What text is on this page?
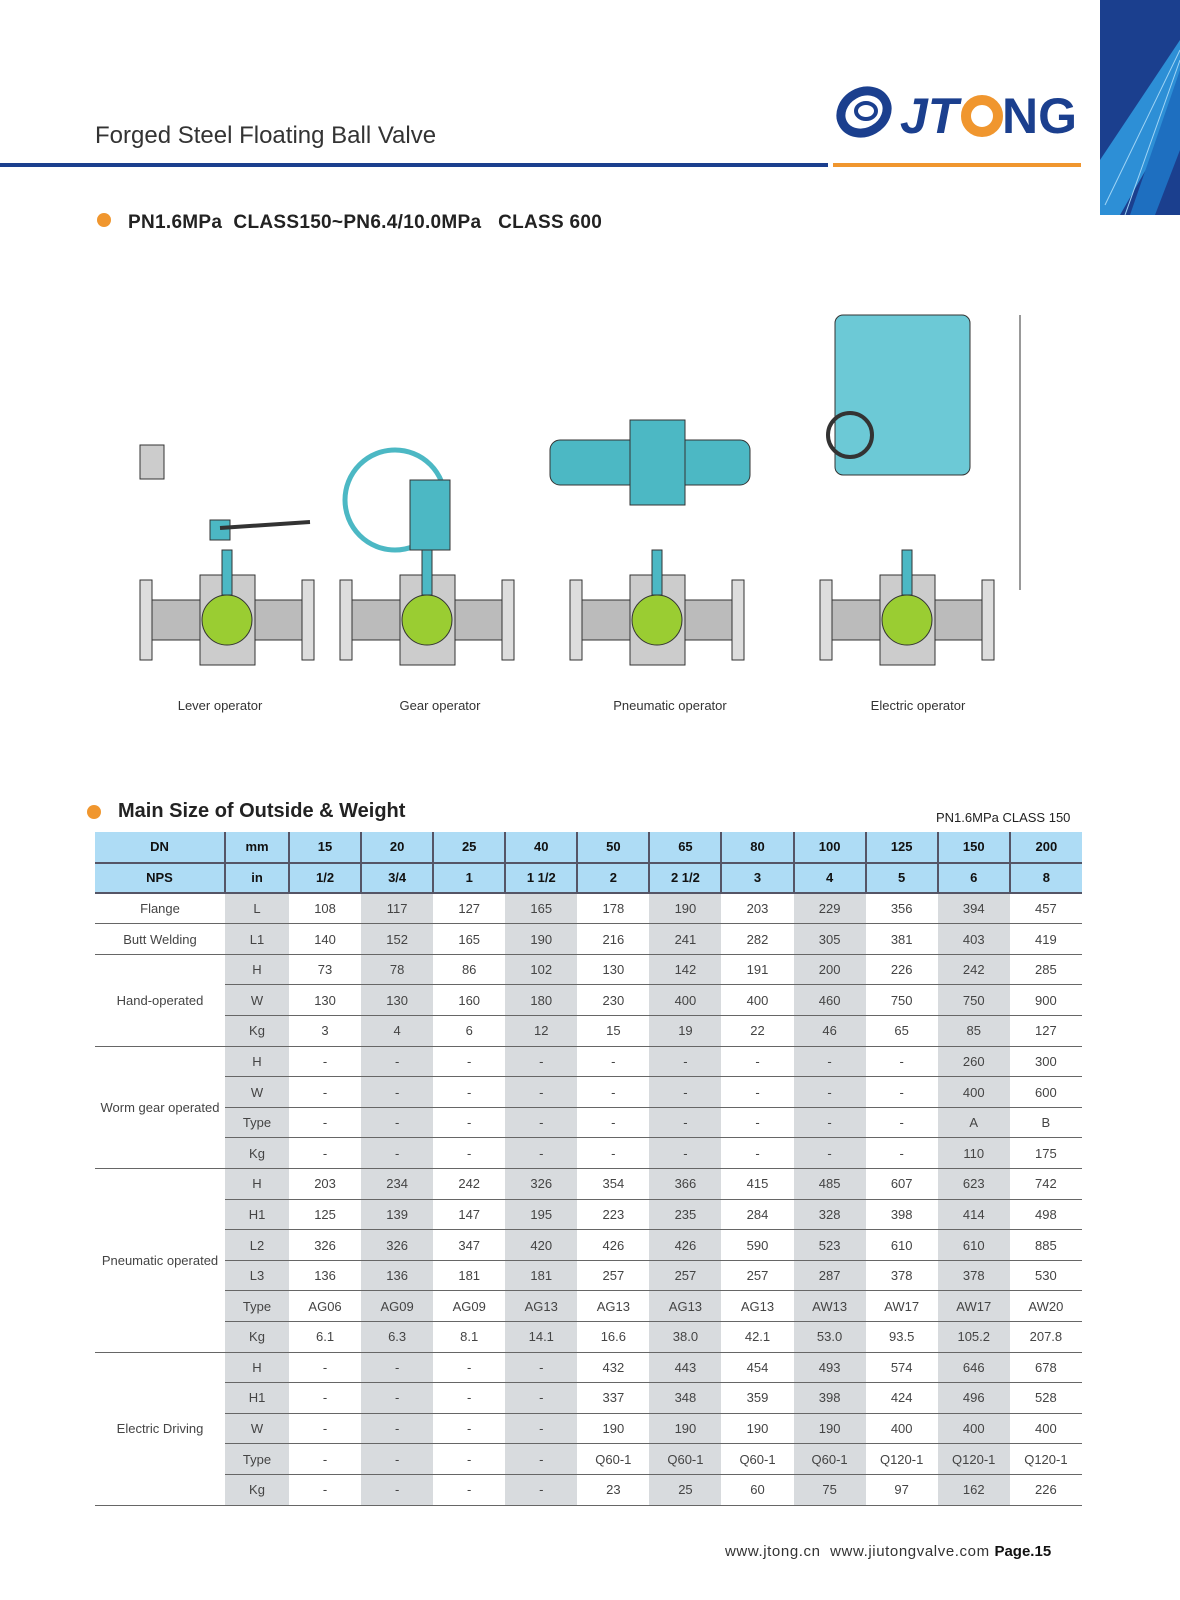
Forged Steel Floating Ball Valve	JT NG
PN1.6MPa  CLASS150~PN6.4/10.0MPa   CLASS 600
Lever operator	Gear operator	Pneumatic operator	Electric operator
Main Size of Outside & Weight	PN1.6MPa CLASS 150
DN	mm	15	20	25	40	50	65	80	100	125	150	200
NPS	in	1/2	3/4	1	1 1/2	2	2 1/2	3	4	5	6	8
Flange	L	108	117	127	165	178	190	203	229	356	394	457
Butt Welding	L1	140	152	165	190	216	241	282	305	381	403	419
Hand-operated	H	73	78	86	102	130	142	191	200	226	242	285
	W	130	130	160	180	230	400	400	460	750	750	900
	Kg	3	4	6	12	15	19	22	46	65	85	127
Worm gear operated	H	-	-	-	-	-	-	-	-	-	260	300
	W	-	-	-	-	-	-	-	-	-	400	600
	Type	-	-	-	-	-	-	-	-	-	A	B
	Kg	-	-	-	-	-	-	-	-	-	110	175
Pneumatic operated	H	203	234	242	326	354	366	415	485	607	623	742
	H1	125	139	147	195	223	235	284	328	398	414	498
	L2	326	326	347	420	426	426	590	523	610	610	885
	L3	136	136	181	181	257	257	257	287	378	378	530
	Type	AG06	AG09	AG09	AG13	AG13	AG13	AG13	AW13	AW17	AW17	AW20
	Kg	6.1	6.3	8.1	14.1	16.6	38.0	42.1	53.0	93.5	105.2	207.8
Electric Driving	H	-	-	-	-	432	443	454	493	574	646	678
	H1	-	-	-	-	337	348	359	398	424	496	528
	W	-	-	-	-	190	190	190	190	400	400	400
	Type	-	-	-	-	Q60-1	Q60-1	Q60-1	Q60-1	Q120-1	Q120-1	Q120-1
	Kg	-	-	-	-	23	25	60	75	97	162	226
www.jtong.cn  www.jiutongvalve.com Page.15
